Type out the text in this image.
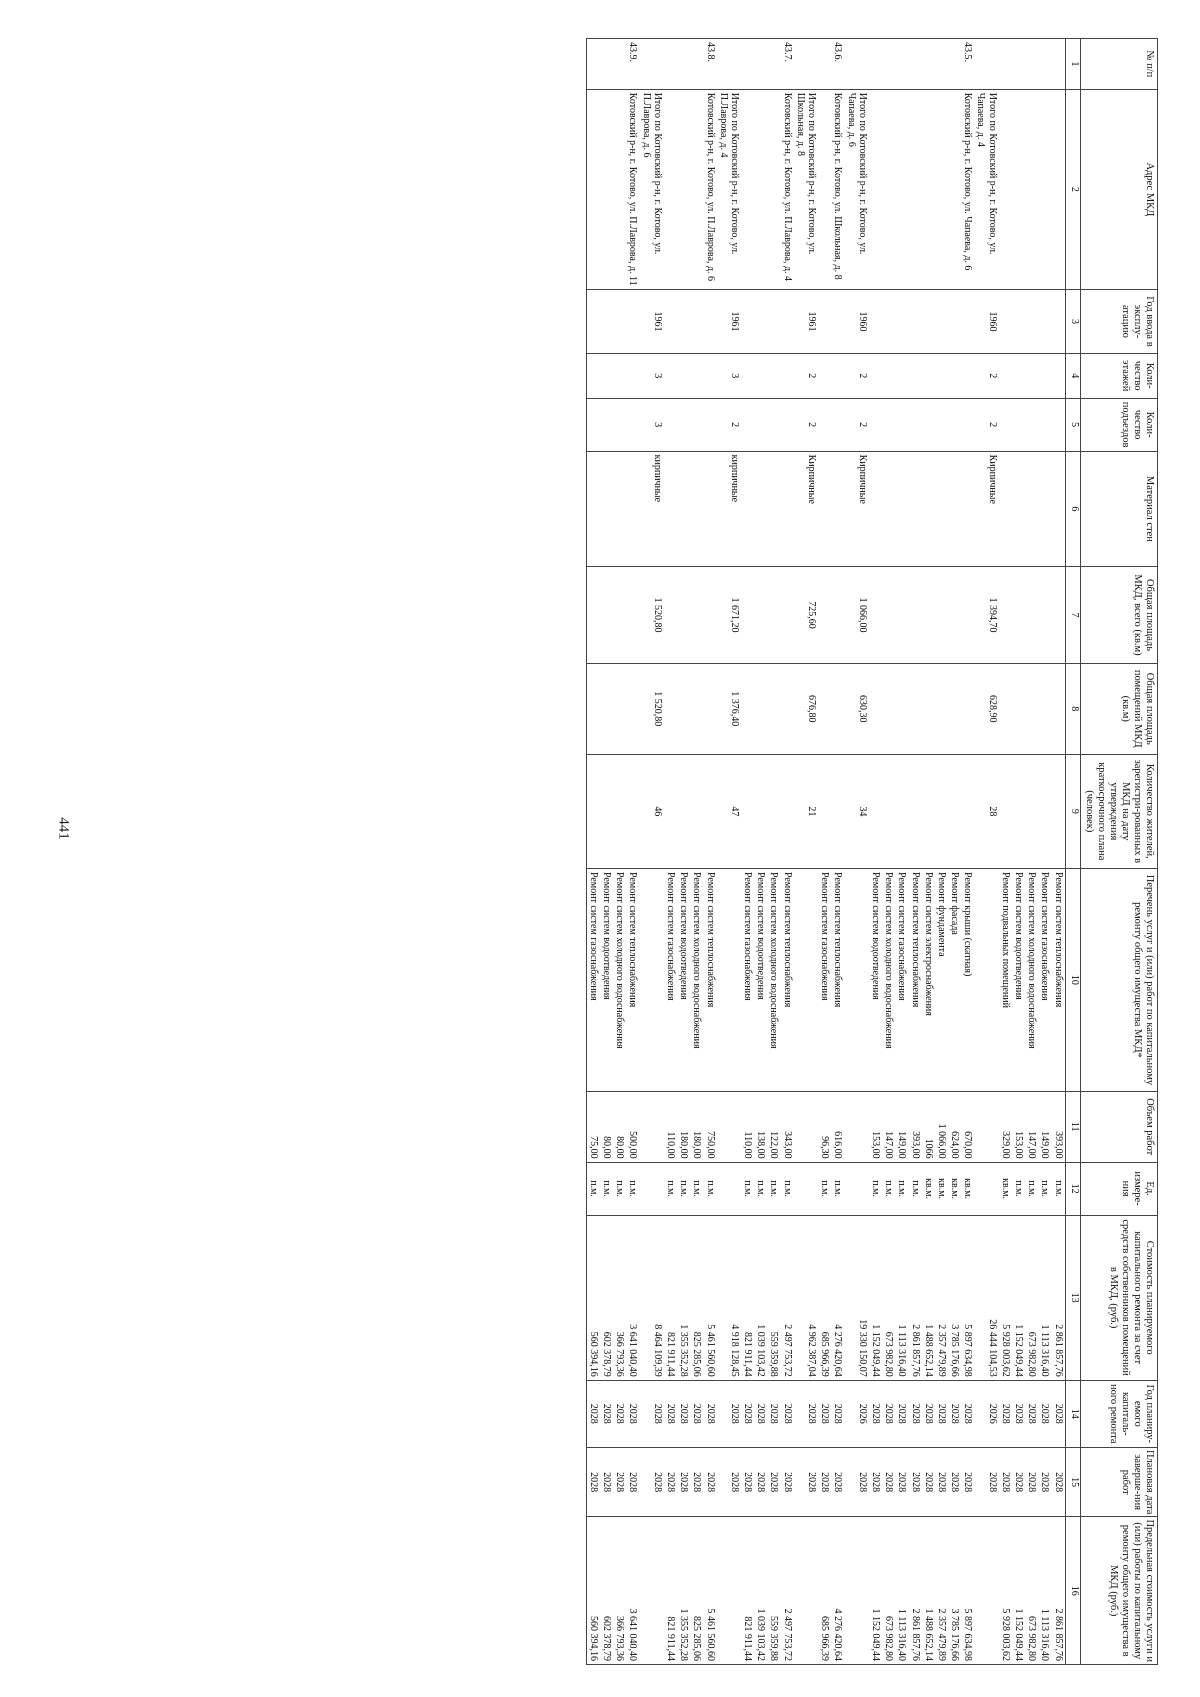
441
№ п/п	Адрес МКД	Год ввода в эксплу-атацию	Коли-чество этажей	Коли-чество подъездов	Материал стен	Общая площадь МКД, всего (кв.м)	Общая площадь помещений МКД (кв.м)	Количество жителей, зарегистри-рованных в МКД на дату утверждения краткосрочного плана (человек)	Перечень услуг и (или) работ по капитальному ремонту общего имущества МКД*	Объем работ	Ед. измере-ния	Стоимость планируемого капитального ремонта за счет средств собственников помещений в МКД, (руб.)	Год планиру-емого капиталь-ного ремонта	Плановая дата заверше-ния работ	Предельная стоимость услуги и (или) работы по капитальному ремонту общего имущества в МКД (руб.)
1	2	3	4	5	6	7	8	9	10	11	12	13	14	15	16
									Ремонт систем теплоснабжения	393,00	п.м.	2 861 857,76	2028	2028	2 861 857,76
									Ремонт систем газоснабжения	149,00	п.м.	1 113 316,40	2028	2028	1 113 316,40
									Ремонт систем холодного водоснабжения	147,00	п.м.	673 982,80	2028	2028	673 982,80
									Ремонт систем водоотведения	153,00	п.м.	1 152 049,44	2028	2028	1 152 049,44
									Ремонт подвальных помещений	329,00	кв.м.	5 928 003,62	2028	2028	5 928 003,62
	Итого по Котовский р-н, г. Котово, ул. Чапаева, д. 4	1960	2	2	Кирпичные	1 394,70	628,90	28				26 444 104,53	2026	2028	
43.5.	Котовский р-н, г. Котово, ул. Чапаева, д. 6								Ремонт крыши (скатная)	670,00	кв.м.	5 897 634,98	2028	2028	5 897 634,98
									Ремонт фасада	624,00	кв.м.	3 785 176,66	2028	2028	3 785 176,66
									Ремонт фундамента	1 066,00	кв.м.	2 357 479,89	2028	2028	2 357 479,89
									Ремонт систем электроснабжения	1066	кв.м.	1 488 652,14	2028	2028	1 488 652,14
									Ремонт систем теплоснабжения	393,00	п.м.	2 861 857,76	2028	2028	2 861 857,76
									Ремонт систем газоснабжения	149,00	п.м.	1 113 316,40	2028	2028	1 113 316,40
									Ремонт систем холодного водоснабжения	147,00	п.м.	673 982,80	2028	2028	673 982,80
									Ремонт систем водоотведения	153,00	п.м.	1 152 049,44	2028	2028	1 152 049,44
	Итого по Котовский р-н, г. Котово, ул. Чапаева, д. 6	1960	2	2	Кирпичные	1 066,00	630,30	34				19 330 150,07	2026	2028	
43.6.	Котовский р-н, г. Котово, ул. Школьная, д. 8								Ремонт систем теплоснабжения	616,00	п.м.	4 276 420,64	2028	2028	4 276 420,64
									Ремонт систем газоснабжения	96,30	п.м.	685 966,39	2028	2028	685 966,39
	Итого по Котовский р-н, г. Котово, ул. Школьная, д. 8	1961	2	2	Кирпичные	725,60	676,80	21				4 962 387,04	2028	2028	
43.7.	Котовский р-н, г. Котово, ул. П.Лаврова, д. 4								Ремонт систем теплоснабжения	343,00	п.м.	2 497 753,72	2028	2028	2 497 753,72
									Ремонт систем холодного водоснабжения	122,00	п.м.	559 359,88	2028	2028	559 359,88
									Ремонт систем водоотведения	138,00	п.м.	1 039 103,42	2028	2028	1 039 103,42
									Ремонт систем газоснабжения	110,00	п.м.	821 911,44	2028	2028	821 911,44
	Итого по Котовский р-н, г. Котово, ул. П.Лаврова, д. 4	1961	3	2	кирпичные	1 671,20	1 376,40	47				4 918 128,45	2028	2028	
43.8.	Котовский р-н, г. Котово, ул. П.Лаврова, д. 6								Ремонт систем теплоснабжения	750,00	п.м.	5 461 560,60	2028	2028	5 461 560,60
									Ремонт систем холодного водоснабжения	180,00	п.м.	825 285,06	2028	2028	825 285,06
									Ремонт систем водоотведения	180,00	п.м.	1 355 352,28	2028	2028	1 355 352,28
									Ремонт систем газоснабжения	110,00	п.м.	821 911,44	2028	2028	821 911,44
	Итого по Котовский р-н, г. Котово, ул. П.Лаврова, д. 6	1961	3	3	кирпичные	1 520,80	1 520,80	46				8 464 109,39	2028	2028	
43.9.	Котовский р-н, г. Котово, ул. П.Лаврова, д. 11								Ремонт систем теплоснабжения	500,00	п.м.	3 641 040,40	2028	2028	3 641 040,40
									Ремонт систем холодного водоснабжения	80,00	п.м.	366 793,36	2028	2028	366 793,36
									Ремонт систем водоотведения	80,00	п.м.	602 378,79	2028	2028	602 378,79
									Ремонт систем газоснабжения	75,00	п.м.	560 394,16	2028	2028	560 394,16
